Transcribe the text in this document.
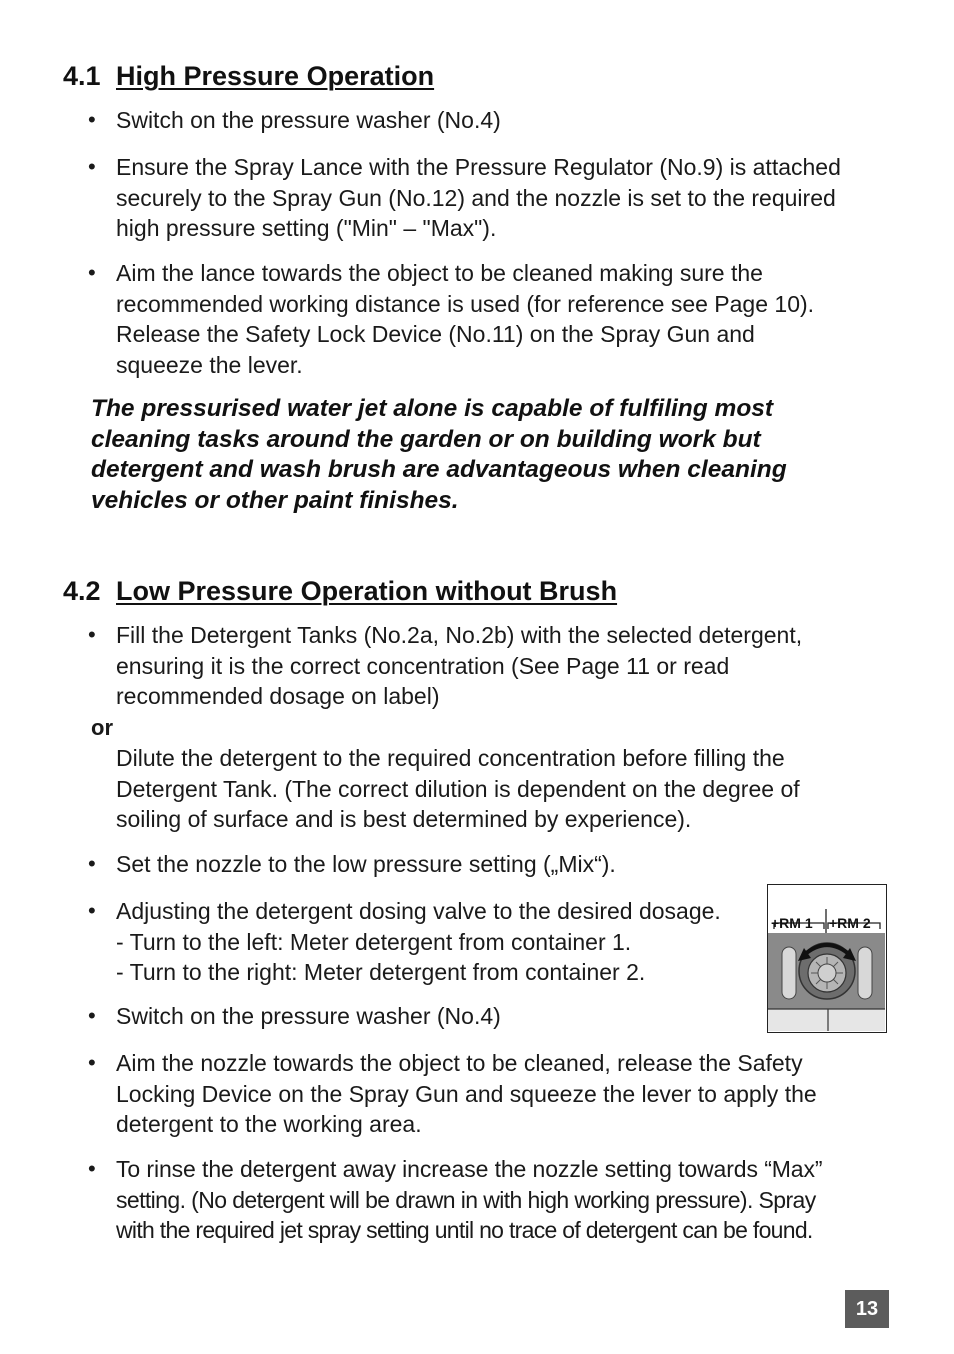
4.1 High Pressure Operation
• Switch on the pressure washer (No.4)
• Ensure the Spray Lance with the Pressure Regulator (No.9) is attached
securely to the Spray Gun (No.12) and the nozzle is set to the required
high pressure setting ("Min" – "Max").
• Aim the lance towards the object to be cleaned making sure the
recommended working distance is used (for reference see Page 10).
Release the Safety Lock Device (No.11) on the Spray Gun and
squeeze the lever.

The pressurised water jet alone is capable of fulfiling most
cleaning tasks around the garden or on building work but
detergent and wash brush are advantageous when cleaning
vehicles or other paint finishes.

4.2 Low Pressure Operation without Brush
• Fill the Detergent Tanks (No.2a, No.2b) with the selected detergent,
ensuring it is the correct concentration (See Page 11 or read
recommended dosage on label)
or
Dilute the detergent to the required concentration before filling the
Detergent Tank. (The correct dilution is dependent on the degree of
soiling of surface and is best determined by experience).
• Set the nozzle to the low pressure setting („Mix“).
• Adjusting the detergent dosing valve to the desired dosage.
- Turn to the left: Meter detergent from container 1.
- Turn to the right: Meter detergent from container 2.
• Switch on the pressure washer (No.4)
• Aim the nozzle towards the object to be cleaned, release the Safety
Locking Device on the Spray Gun and squeeze the lever to apply the
detergent to the working area.
• To rinse the detergent away increase the nozzle setting towards “Max”
setting. (No detergent will be drawn in with high working pressure). Spray
with the required jet spray setting until no trace of detergent can be found.
+RM 1 +RM 2
13
